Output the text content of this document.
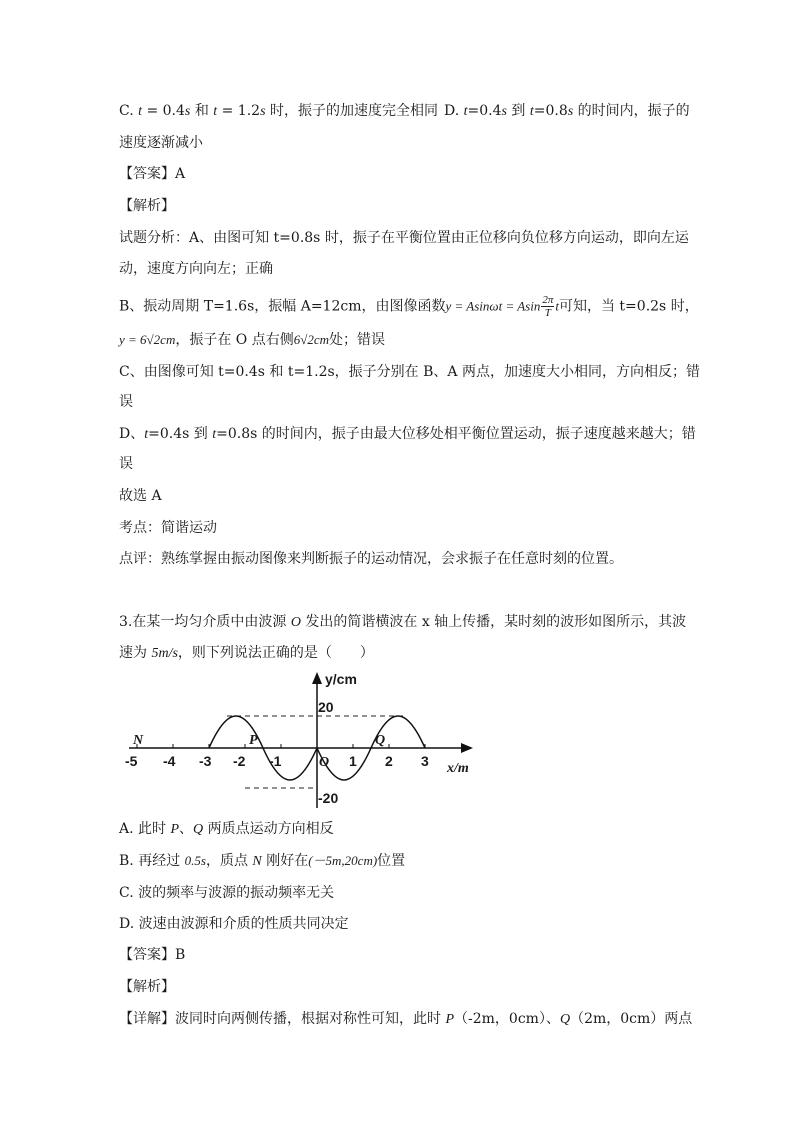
C. t = 0.4s 和 t = 1.2s 时，振子的加速度完全相同 D. t=0.4s 到 t=0.8s 的时间内，振子的
速度逐渐减小
【答案】A
【解析】
试题分析：A、由图可知 t=0.8s 时，振子在平衡位置由正位移向负位移方向运动，即向左运
动，速度方向向左；正确
B、振动周期 T=1.6s，振幅 A=12cm，由图像函数y = Asinωt = Asin $\frac{2\pi}{T}$ t可知，当 t=0.2s 时，
y = 6√2cm，振子在 O 点右侧6√2cm处；错误
C、由图像可知 t=0.4s 和 t=1.2s，振子分别在 B、A 两点，加速度大小相同，方向相反；错
误
D、t=0.4s 到 t=0.8s 的时间内，振子由最大位移处相平衡位置运动，振子速度越来越大；错
误
故选 A
考点：简谐运动
点评：熟练掌握由振动图像来判断振子的运动情况，会求振子在任意时刻的位置。
3.在某一均匀介质中由波源 O 发出的简谐横波在 x 轴上传播，某时刻的波形如图所示，其波
速为 5m/s，则下列说法正确的是（　　）
y/cm
x/m
20
-20
-5 -4 -3 -2 -1	O 1 2 3
N	P	Q
A. 此时 P、Q 两质点运动方向相反
B. 再经过 0.5s，质点 N 刚好在(－5m,20cm)位置
C. 波的频率与波源的振动频率无关
D. 波速由波源和介质的性质共同决定
【答案】B
【解析】
【详解】波同时向两侧传播，根据对称性可知，此时 P（-2m，0cm）、Q（2m，0cm）两点
